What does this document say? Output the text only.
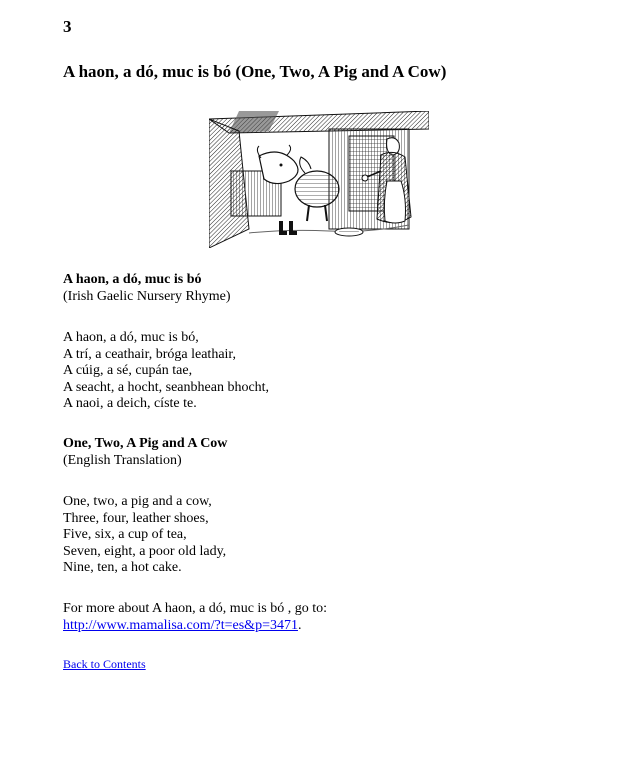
3

A haon, a dó, muc is bó (One, Two, A Pig and A Cow)

A haon, a dó, muc is bó

(Irish Gaelic Nursery Rhyme)

A haon, a dó, muc is bó,
A trí, a ceathair, bróga leathair,
A cúig, a sé, cupán tae,
A seacht, a hocht, seanbhean bhocht,
A naoi, a deich, císte te.

One, Two, A Pig and A Cow

(English Translation)

One, two, a pig and a cow,
Three, four, leather shoes,
Five, six, a cup of tea,
Seven, eight, a poor old lady,
Nine, ten, a hot cake.
For more about A haon, a dó, muc is bó , go to:
http://www.mamalisa.com/?t=es&p=3471.
Back to Contents
